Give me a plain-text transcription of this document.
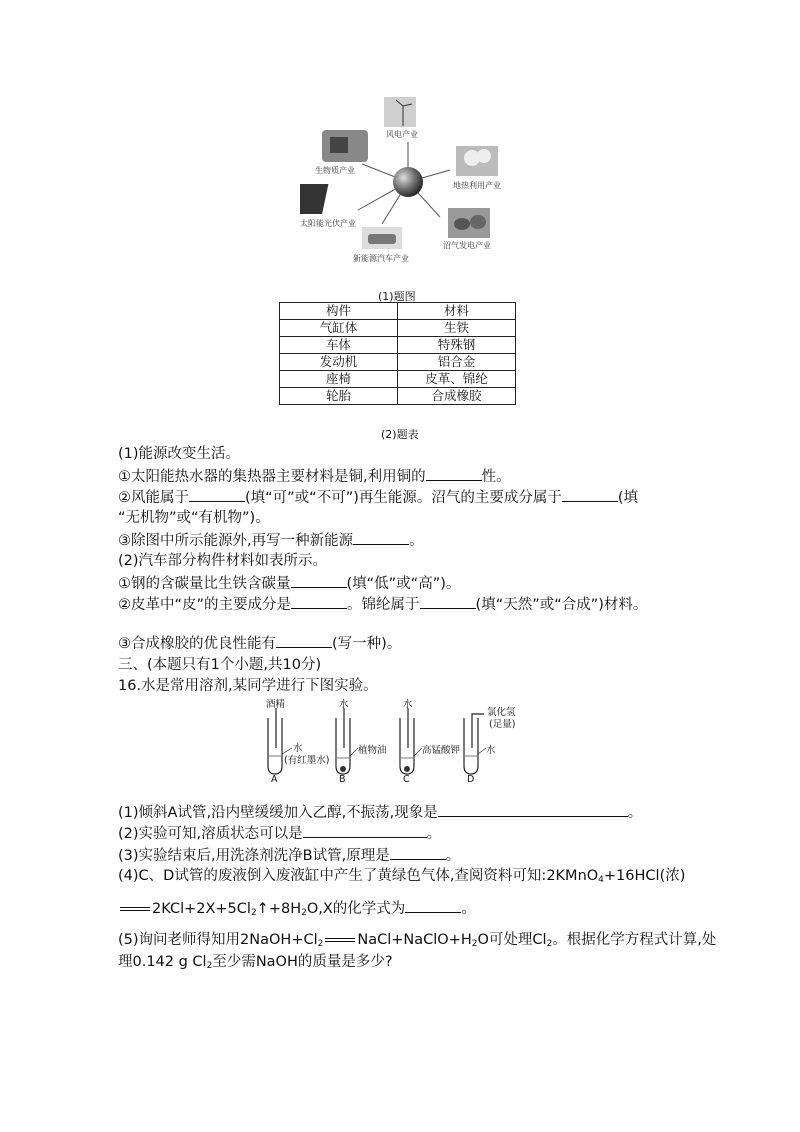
风电产业
生物质产业
地热利用产业
太阳能光伏产业
新能源汽车产业
沼气发电产业
(1)题图
构件	材料
气缸体	生铁
车体	特殊钢
发动机	铝合金
座椅	皮革、锦纶
轮胎	合成橡胶
(2)题表
(1)能源改变生活。
①太阳能热水器的集热器主要材料是铜,利用铜的	性。
②风能属于	(填“可”或“不可”)再生能源。沼气的主要成分属于	(填
“无机物”或“有机物”)。
③除图中所示能源外,再写一种新能源	。
(2)汽车部分构件材料如表所示。
①钢的含碳量比生铁含碳量	(填“低”或“高”)。
②皮革中“皮”的主要成分是	。锦纶属于	(填“天然”或“合成”)材料。
③合成橡胶的优良性能有	(写一种)。
三、(本题只有1个小题,共10分)
16.水是常用溶剂,某同学进行下图实验。
酒精	水	水
氯化氢
(足量)
水
(有红墨水)
植物油	高锰酸钾	水
A	B	C	D
(1)倾斜A试管,沿内壁缓缓加入乙醇,不振荡,现象是	。
(2)实验可知,溶质状态可以是	。
(3)实验结束后,用洗涤剂洗净B试管,原理是	。
(4)C、D试管的废液倒入废液缸中产生了黄绿色气体,查阅资料可知:2KMnO$_4$+16HCl(浓)
$2KCl+2X+5Cl_2↑+8H_2O,X$的化学式为	。
(5)询问老师得知用$2NaOH+Cl_2$ $NaCl+NaClO+H_2O$可处理$Cl_2$。根据化学方程式计算,处
理0.142 g $Cl_2$至少需NaOH的质量是多少?
